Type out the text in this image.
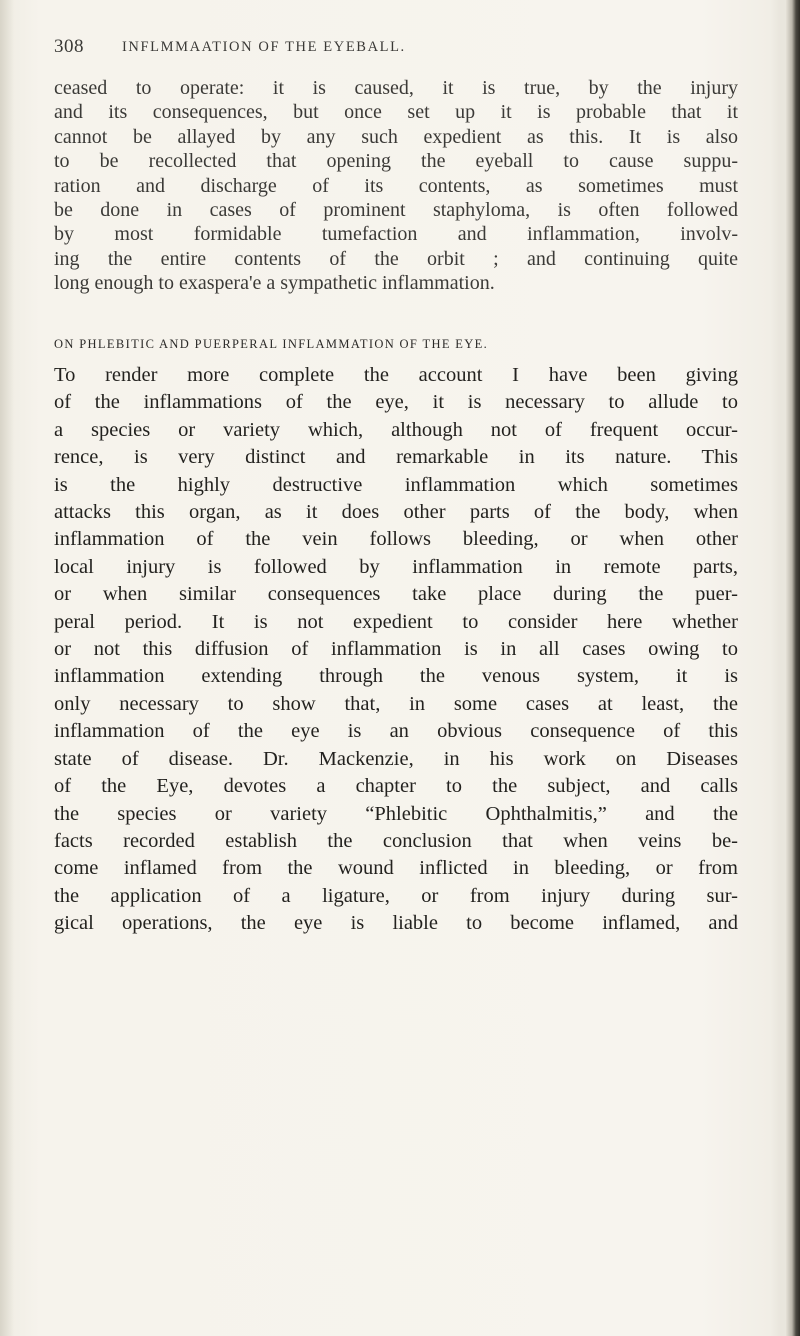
308	INFLMMAATION OF THE EYEBALL.
ceased to operate: it is caused, it is true, by the injury
and its consequences, but once set up it is probable that it
cannot be allayed by any such expedient as this. It is also
to be recollected that opening the eyeball to cause suppu-
ration and discharge of its contents, as sometimes must
be done in cases of prominent staphyloma, is often followed
by most formidable tumefaction and inflammation, involv-
ing the entire contents of the orbit ; and continuing quite
long enough to exaspera'e a sympathetic inflammation.
ON PHLEBITIC AND PUERPERAL INFLAMMATION OF THE EYE.
To render more complete the account I have been giving
of the inflammations of the eye, it is necessary to allude to
a species or variety which, although not of frequent occur-
rence, is very distinct and remarkable in its nature. This
is the highly destructive inflammation which sometimes
attacks this organ, as it does other parts of the body, when
inflammation of the vein follows bleeding, or when other
local injury is followed by inflammation in remote parts,
or when similar consequences take place during the puer-
peral period. It is not expedient to consider here whether
or not this diffusion of inflammation is in all cases owing to
inflammation extending through the venous system, it is
only necessary to show that, in some cases at least, the
inflammation of the eye is an obvious consequence of this
state of disease. Dr. Mackenzie, in his work on Diseases
of the Eye, devotes a chapter to the subject, and calls
the species or variety “Phlebitic Ophthalmitis,” and the
facts recorded establish the conclusion that when veins be-
come inflamed from the wound inflicted in bleeding, or from
the application of a ligature, or from injury during sur-
gical operations, the eye is liable to become inflamed, and
